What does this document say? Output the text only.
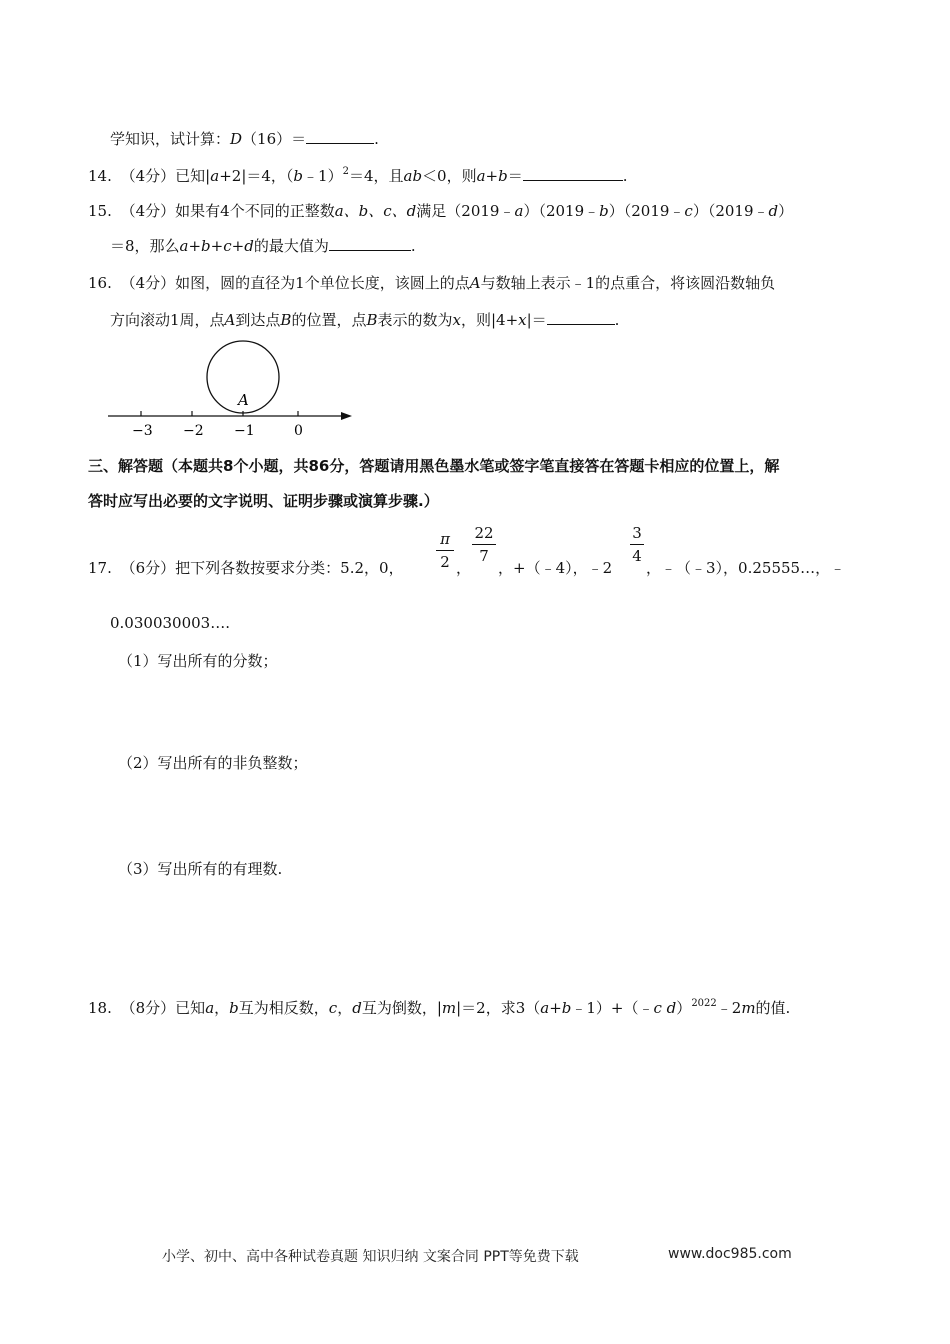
学知识，试计算：D（16）＝	.
14. （4分）已知|a+2|＝4，（b﹣1）$^2$＝4，且ab＜0，则a+b＝	.
15. （4分）如果有4个不同的正整数a、b、c、d满足（2019﹣a）（2019﹣b）（2019﹣c）（2019﹣d）
＝8，那么a+b+c+d的最大值为	.
16. （4分）如图，圆的直径为1个单位长度，该圆上的点A与数轴上表示﹣1的点重合，将该圆沿数轴负
方向滚动1周，点A到达点B的位置，点B表示的数为x，则|4+x|＝	.
A
−3 −2 −1	0
三、解答题（本题共8个小题，共86分，答题请用黑色墨水笔或签字笔直接答在答题卡相应的位置上，解
答时应写出必要的文字说明、证明步骤或演算步骤.）
17. （6分）把下列各数按要求分类：5.2，0，
π
2 ，
22
7
，+（﹣4），﹣2
3
4
，﹣（﹣3），0.25555…，﹣
0.030030003….
（1）写出所有的分数；
（2）写出所有的非负整数；
（3）写出所有的有理数.
18. （8分）已知a，b互为相反数，c，d互为倒数，|m|＝2，求3（a+b﹣1）+（﹣c d）$^{2022}$﹣2m的值.
小学、初中、高中各种试卷真题 知识归纳 文案合同 PPT等免费下载	www.doc985.com
